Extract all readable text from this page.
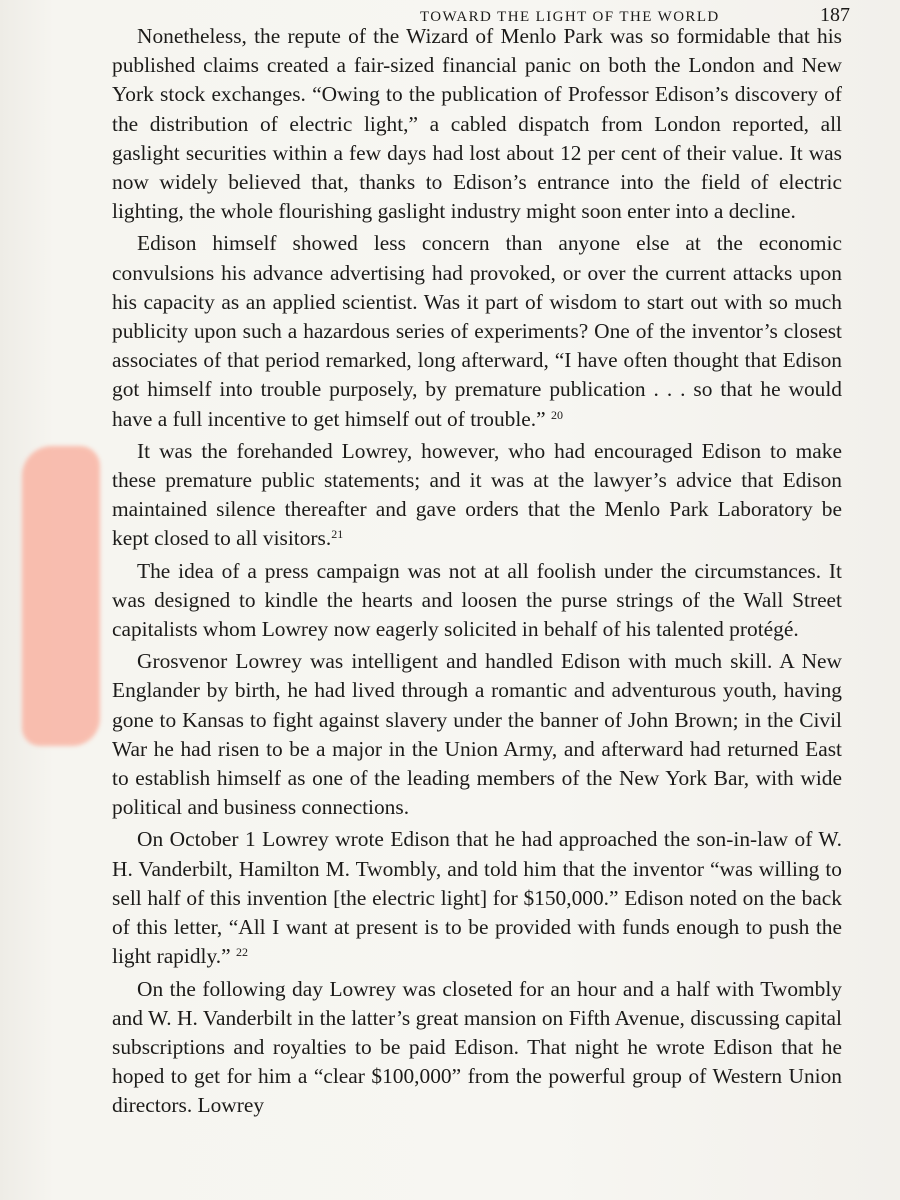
TOWARD THE LIGHT OF THE WORLD	187

Nonetheless, the repute of the Wizard of Menlo Park was so formidable that his published claims created a fair-sized financial panic on both the London and New York stock exchanges. “Owing to the publication of Professor Edison’s discovery of the distribution of electric light,” a cabled dispatch from London reported, all gaslight securities within a few days had lost about 12 per cent of their value. It was now widely believed that, thanks to Edison’s entrance into the field of electric lighting, the whole flourishing gaslight industry might soon enter into a decline.

Edison himself showed less concern than anyone else at the economic convulsions his advance advertising had provoked, or over the current attacks upon his capacity as an applied scientist. Was it part of wisdom to start out with so much publicity upon such a hazardous series of experiments? One of the inventor’s closest associates of that period remarked, long afterward, “I have often thought that Edison got himself into trouble purposely, by premature publication . . . so that he would have a full incentive to get himself out of trouble.” $^{20}$

It was the forehanded Lowrey, however, who had encouraged Edison to make these premature public statements; and it was at the lawyer’s advice that Edison maintained silence thereafter and gave orders that the Menlo Park Laboratory be kept closed to all visitors.$^{21}$

The idea of a press campaign was not at all foolish under the circumstances. It was designed to kindle the hearts and loosen the purse strings of the Wall Street capitalists whom Lowrey now eagerly solicited in behalf of his talented protégé.

Grosvenor Lowrey was intelligent and handled Edison with much skill. A New Englander by birth, he had lived through a romantic and adventurous youth, having gone to Kansas to fight against slavery under the banner of John Brown; in the Civil War he had risen to be a major in the Union Army, and afterward had returned East to establish himself as one of the leading members of the New York Bar, with wide political and business connections.

On October 1 Lowrey wrote Edison that he had approached the son-in-law of W. H. Vanderbilt, Hamilton M. Twombly, and told him that the inventor “was willing to sell half of this invention [the electric light] for $150,000.” Edison noted on the back of this letter, “All I want at present is to be provided with funds enough to push the light rapidly.” $^{22}$

On the following day Lowrey was closeted for an hour and a half with Twombly and W. H. Vanderbilt in the latter’s great mansion on Fifth Avenue, discussing capital subscriptions and royalties to be paid Edison. That night he wrote Edison that he hoped to get for him a “clear $100,000” from the powerful group of Western Union directors. Lowrey
